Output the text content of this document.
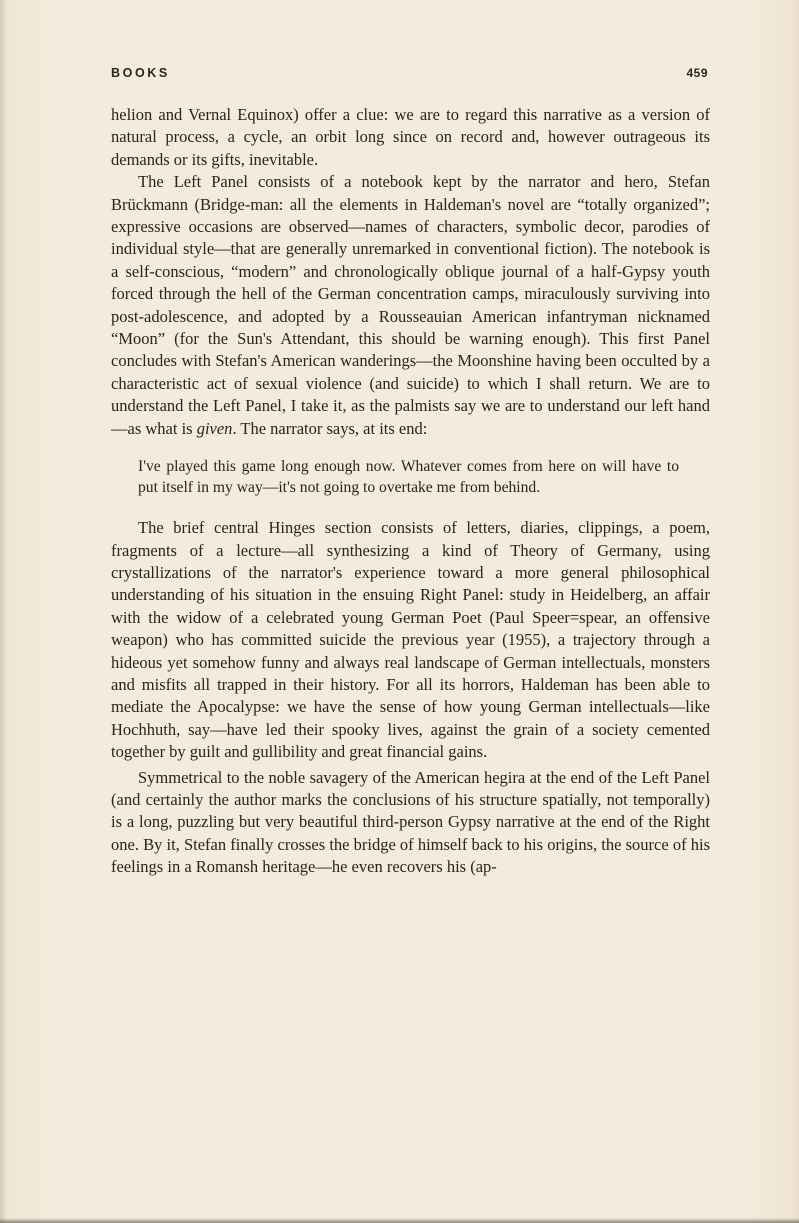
BOOKS	459

helion and Vernal Equinox) offer a clue: we are to regard this narrative as a version of natural process, a cycle, an orbit long since on record and, however outrageous its demands or its gifts, inevitable.

The Left Panel consists of a notebook kept by the narrator and hero, Stefan Brückmann (Bridge-man: all the elements in Haldeman's novel are “totally organized”; expressive occasions are observed—names of characters, symbolic decor, parodies of individual style—that are generally unremarked in conventional fiction). The notebook is a self-conscious, “modern” and chronologically oblique journal of a half-Gypsy youth forced through the hell of the German concentration camps, miraculously surviving into post-adolescence, and adopted by a Rousseauian American infantryman nicknamed “Moon” (for the Sun's Attendant, this should be warning enough). This first Panel concludes with Stefan's American wanderings—the Moonshine having been occulted by a characteristic act of sexual violence (and suicide) to which I shall return. We are to understand the Left Panel, I take it, as the palmists say we are to understand our left hand—as what is given. The narrator says, at its end:

I've played this game long enough now. Whatever comes from here on will have to put itself in my way—it's not going to overtake me from behind.

The brief central Hinges section consists of letters, diaries, clippings, a poem, fragments of a lecture—all synthesizing a kind of Theory of Germany, using crystallizations of the narrator's experience toward a more general philosophical understanding of his situation in the ensuing Right Panel: study in Heidelberg, an affair with the widow of a celebrated young German Poet (Paul Speer=spear, an offensive weapon) who has committed suicide the previous year (1955), a trajectory through a hideous yet somehow funny and always real landscape of German intellectuals, monsters and misfits all trapped in their history. For all its horrors, Haldeman has been able to mediate the Apocalypse: we have the sense of how young German intellectuals—like Hochhuth, say—have led their spooky lives, against the grain of a society cemented together by guilt and gullibility and great financial gains.

Symmetrical to the noble savagery of the American hegira at the end of the Left Panel (and certainly the author marks the conclusions of his structure spatially, not temporally) is a long, puzzling but very beautiful third-person Gypsy narrative at the end of the Right one. By it, Stefan finally crosses the bridge of himself back to his origins, the source of his feelings in a Romansh heritage—he even recovers his (ap-
